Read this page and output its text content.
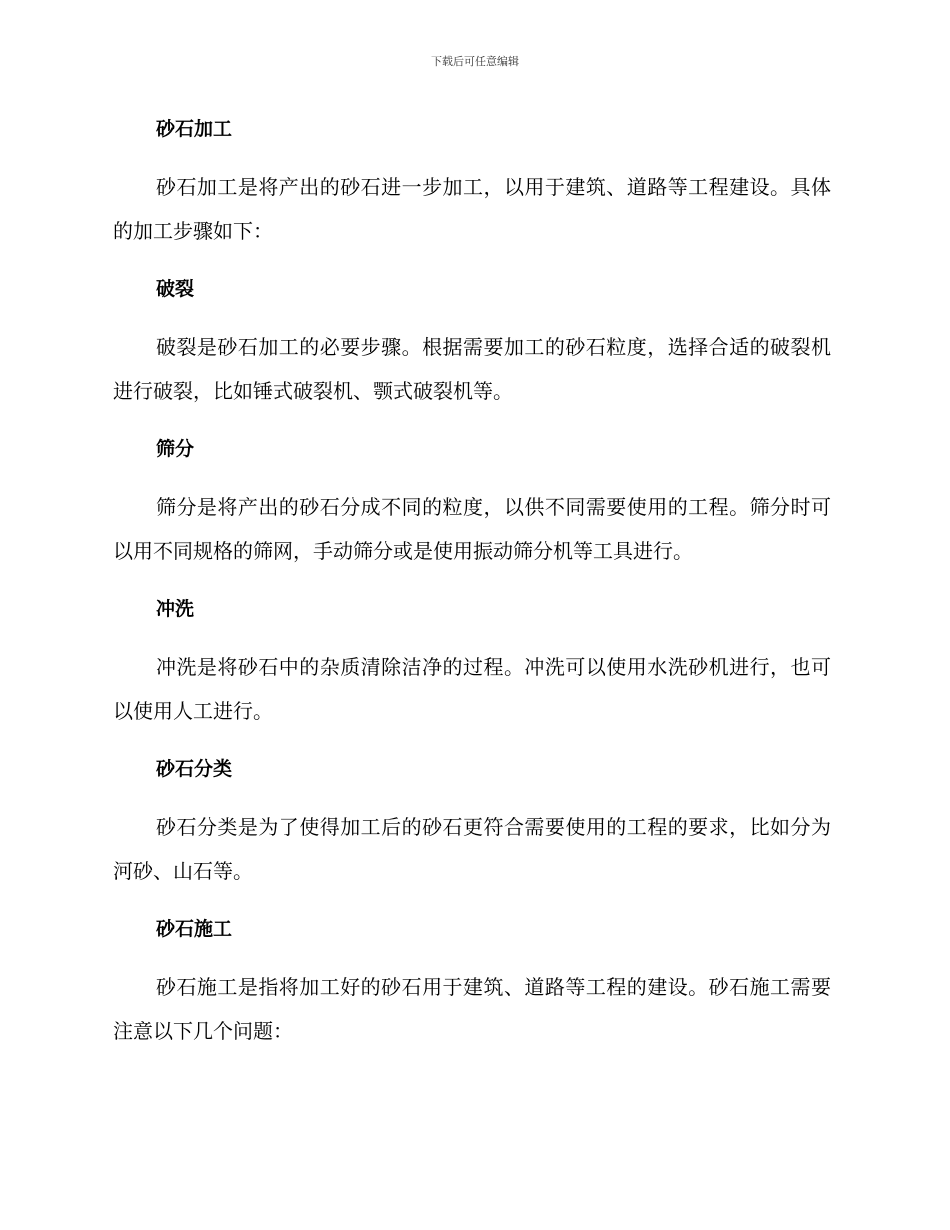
下载后可任意编辑
砂石加工

砂石加工是将产出的砂石进一步加工，以用于建筑、道路等工程建设。具体的加工步骤如下：

破裂

破裂是砂石加工的必要步骤。根据需要加工的砂石粒度，选择合适的破裂机进行破裂，比如锤式破裂机、颚式破裂机等。

筛分

筛分是将产出的砂石分成不同的粒度，以供不同需要使用的工程。筛分时可以用不同规格的筛网，手动筛分或是使用振动筛分机等工具进行。

冲洗

冲洗是将砂石中的杂质清除洁净的过程。冲洗可以使用水洗砂机进行，也可以使用人工进行。

砂石分类

砂石分类是为了使得加工后的砂石更符合需要使用的工程的要求，比如分为河砂、山石等。

砂石施工

砂石施工是指将加工好的砂石用于建筑、道路等工程的建设。砂石施工需要注意以下几个问题：
